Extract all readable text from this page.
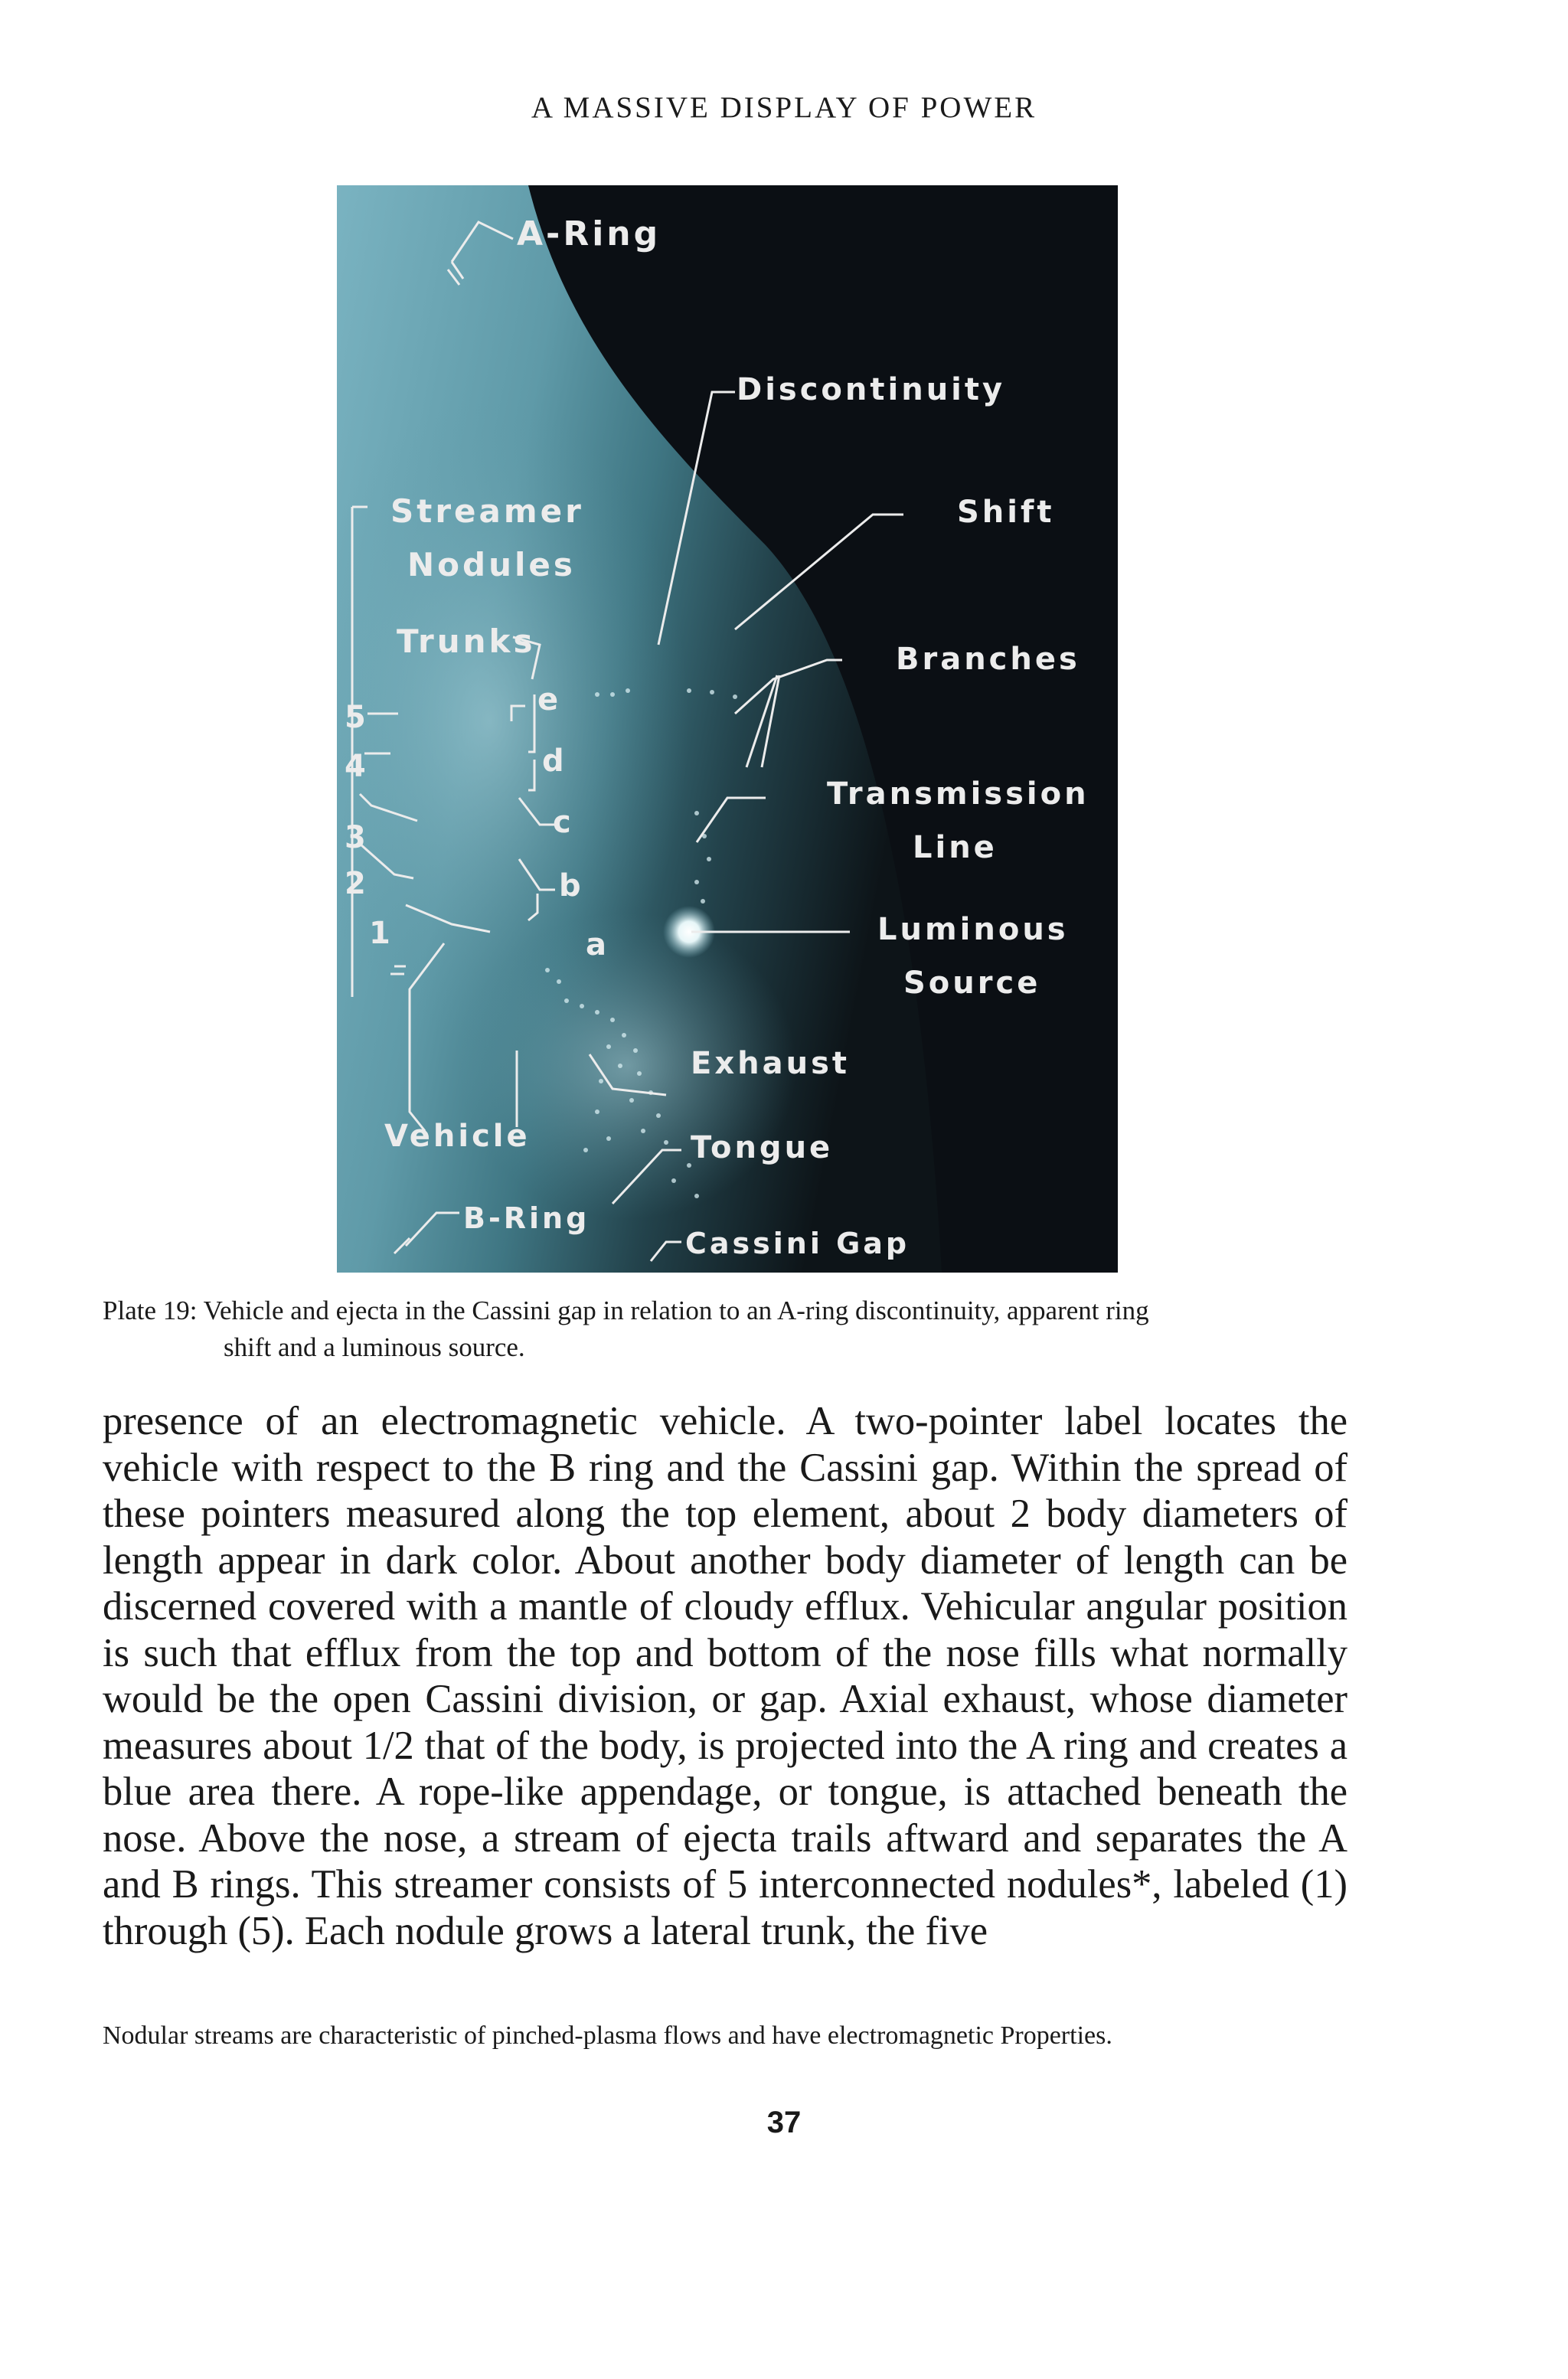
A MASSIVE DISPLAY OF POWER
A-Ring
Discontinuity
Streamer
Nodules
Shift
Trunks	Branches
Transmission
Line
Luminous
Source
Exhaust
Vehicle	Tongue
B-Ring
Cassini Gap
5
4
3
2
1
e
d
c
b
a
Plate 19: Vehicle and ejecta in the Cassini gap in relation to an A-ring discontinuity, apparent ring
shift and a luminous source.

presence of an electromagnetic vehicle. A two-pointer label locates the vehicle with respect to the B ring and the Cassini gap. Within the spread of these pointers measured along the top element, about 2 body diameters of length appear in dark color. About another body diameter of length can be discerned covered with a mantle of cloudy efflux. Vehicular angular position is such that efflux from the top and bottom of the nose fills what normally would be the open Cassini division, or gap. Axial exhaust, whose diameter measures about 1/2 that of the body, is projected into the A ring and creates a blue area there. A rope-like appendage, or tongue, is attached beneath the nose. Above the nose, a stream of ejecta trails aftward and separates the A and B rings. This streamer consists of 5 interconnected nodules*, labeled (1) through (5). Each nodule grows a lateral trunk, the five

Nodular streams are characteristic of pinched-plasma flows and have electromagnetic Properties.
37
